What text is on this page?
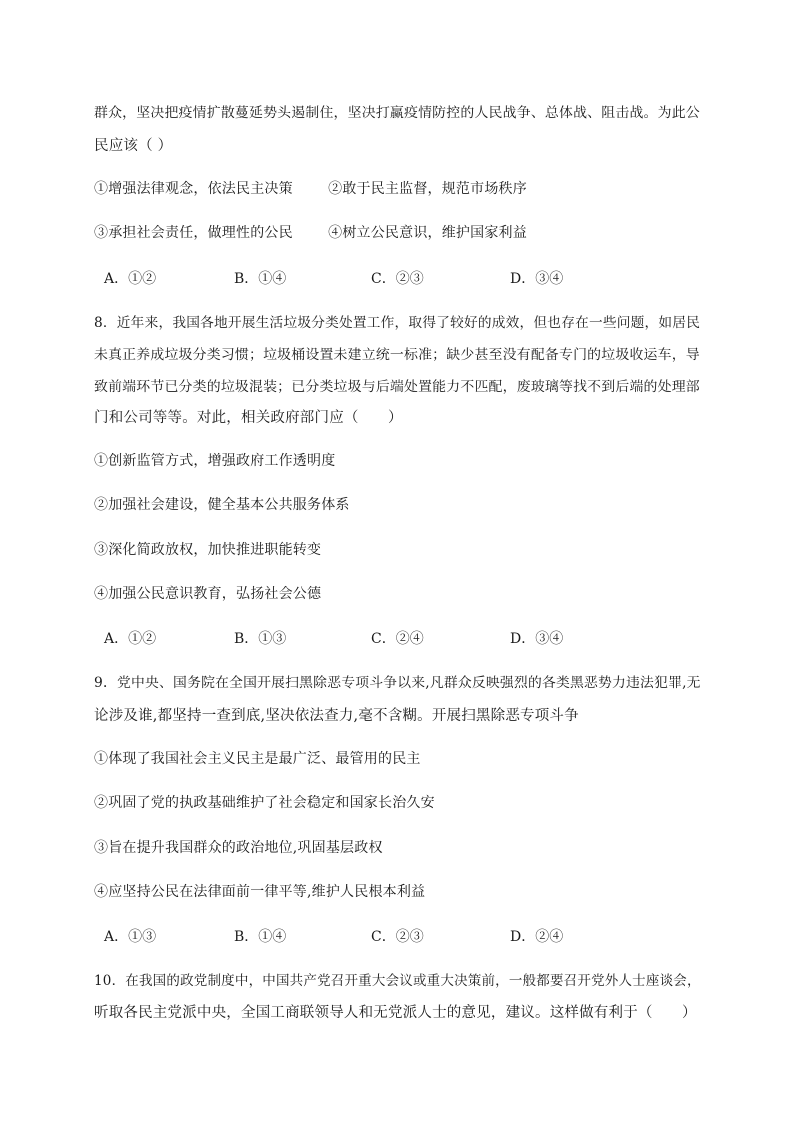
群众，坚决把疫情扩散蔓延势头遏制住，坚决打赢疫情防控的人民战争、总体战、阻击战。为此公
民应该（ ）
①增强法律观念，依法民主决策	②敢于民主监督，规范市场秩序
③承担社会责任，做理性的公民	④树立公民意识，维护国家利益
A．①②	B．①④	C．②③	D．③④
8．近年来，我国各地开展生活垃圾分类处置工作，取得了较好的成效，但也存在一些问题，如居民
未真正养成垃圾分类习惯；垃圾桶设置未建立统一标准；缺少甚至没有配备专门的垃圾收运车，导
致前端环节已分类的垃圾混装；已分类垃圾与后端处置能力不匹配，废玻璃等找不到后端的处理部
门和公司等等。对此，相关政府部门应（　　）
①创新监管方式，增强政府工作透明度
②加强社会建设，健全基本公共服务体系
③深化简政放权，加快推进职能转变
④加强公民意识教育，弘扬社会公德
A．①②	B．①③	C．②④	D．③④
9．党中央、国务院在全国开展扫黑除恶专项斗争以来,凡群众反映强烈的各类黑恶势力违法犯罪,无
论涉及谁,都坚持一查到底,坚决依法查力,毫不含糊。开展扫黑除恶专项斗争
①体现了我国社会主义民主是最广泛、最管用的民主
②巩固了党的执政基础维护了社会稳定和国家长治久安
③旨在提升我国群众的政治地位,巩固基层政权
④应坚持公民在法律面前一律平等,维护人民根本利益
A．①③	B．①④	C．②③	D．②④
10．在我国的政党制度中，中国共产党召开重大会议或重大决策前，一般都要召开党外人士座谈会，
听取各民主党派中央，全国工商联领导人和无党派人士的意见，建议。这样做有利于（　　）
